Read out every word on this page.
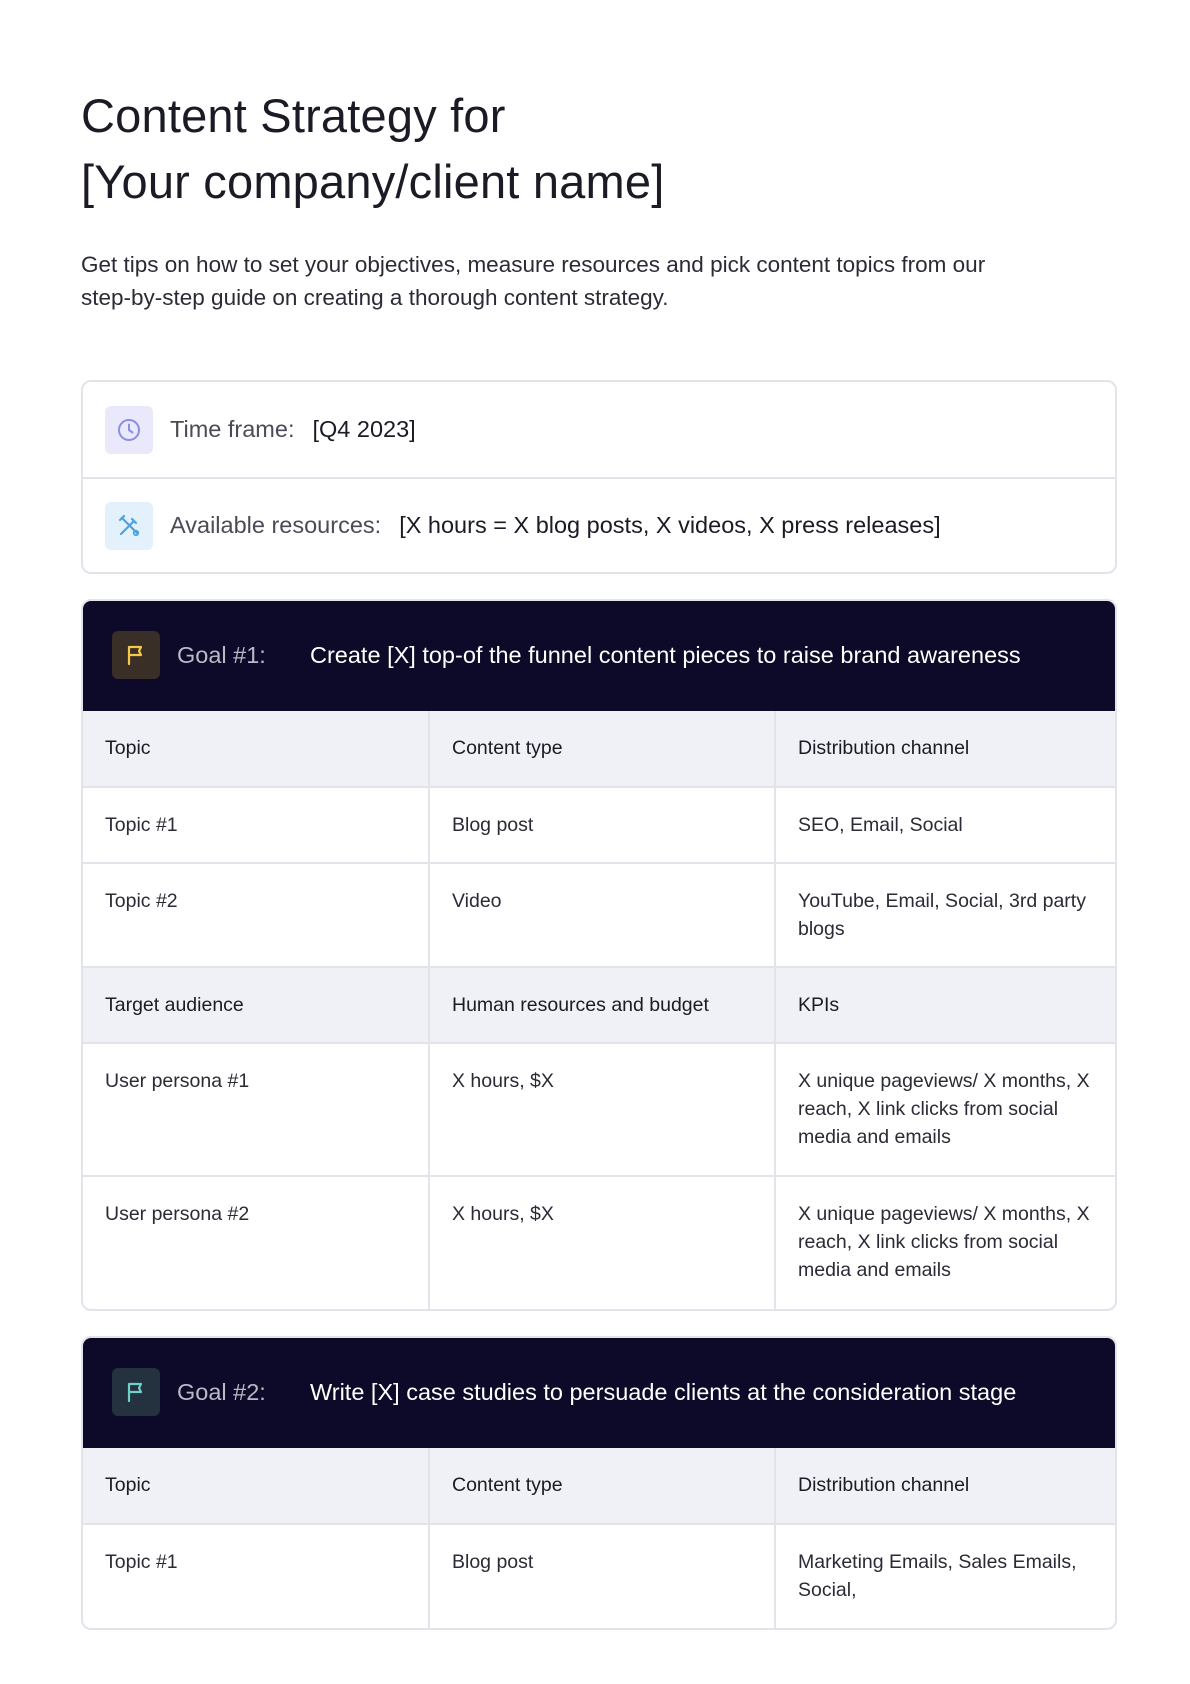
Content Strategy for
[Your company/client name]

Get tips on how to set your objectives, measure resources and pick content topics from our
step-by-step guide on creating a thorough content strategy.

Time frame: [Q4 2023]
Available resources: [X hours = X blog posts, X videos, X press releases]
Goal #1:	Create [X] top-of the funnel content pieces to raise brand awareness
Topic	Content type	Distribution channel
Topic #1	Blog post	SEO, Email, Social
Topic #2	Video	YouTube, Email, Social, 3rd party blogs
Target audience	Human resources and budget	KPIs
User persona #1	X hours, $X	X unique pageviews/ X months, X reach, X link clicks from social media and emails
User persona #2	X hours, $X	X unique pageviews/ X months, X reach, X link clicks from social media and emails
Goal #2:	Write [X] case studies to persuade clients at the consideration stage
Topic	Content type	Distribution channel
Topic #1	Blog post	Marketing Emails, Sales Emails, Social,
